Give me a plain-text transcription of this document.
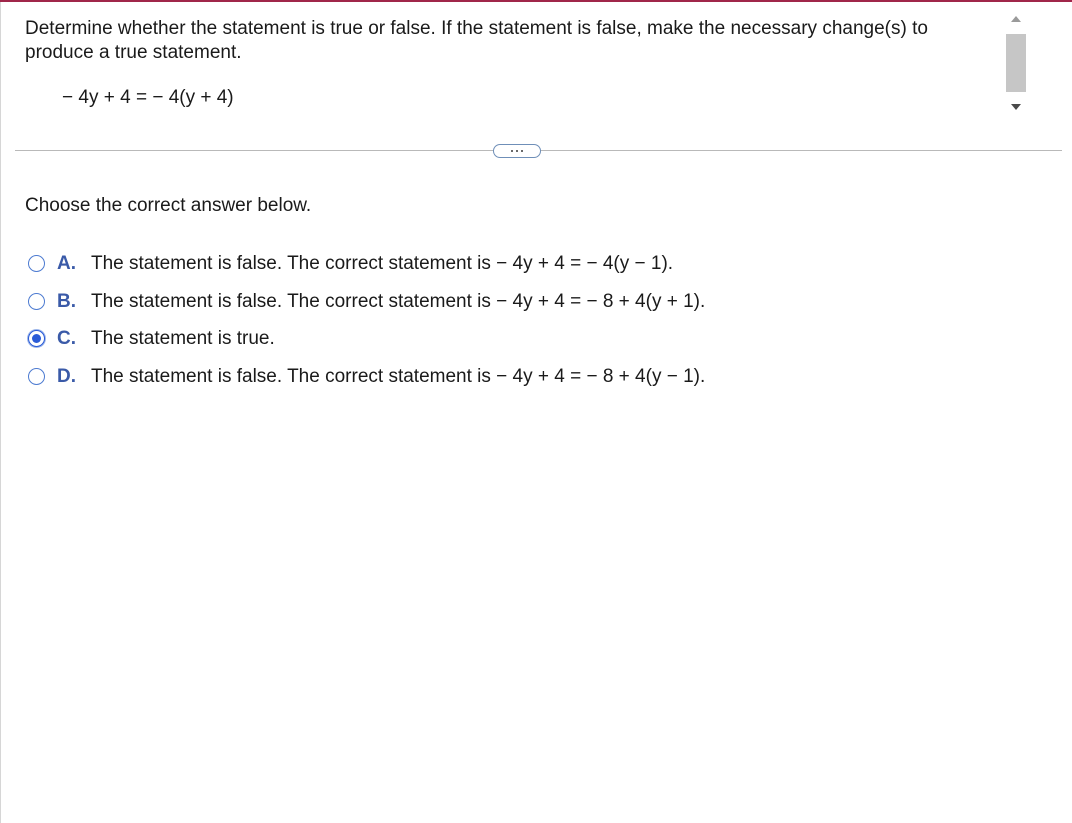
Determine whether the statement is true or false. If the statement is false, make the necessary change(s) to produce a true statement.

− 4y + 4 = − 4(y + 4)

Choose the correct answer below.

A. The statement is false. The correct statement is − 4y + 4 = − 4(y − 1).
B. The statement is false. The correct statement is − 4y + 4 = − 8 + 4(y + 1).
C. The statement is true.
D. The statement is false. The correct statement is − 4y + 4 = − 8 + 4(y − 1).
